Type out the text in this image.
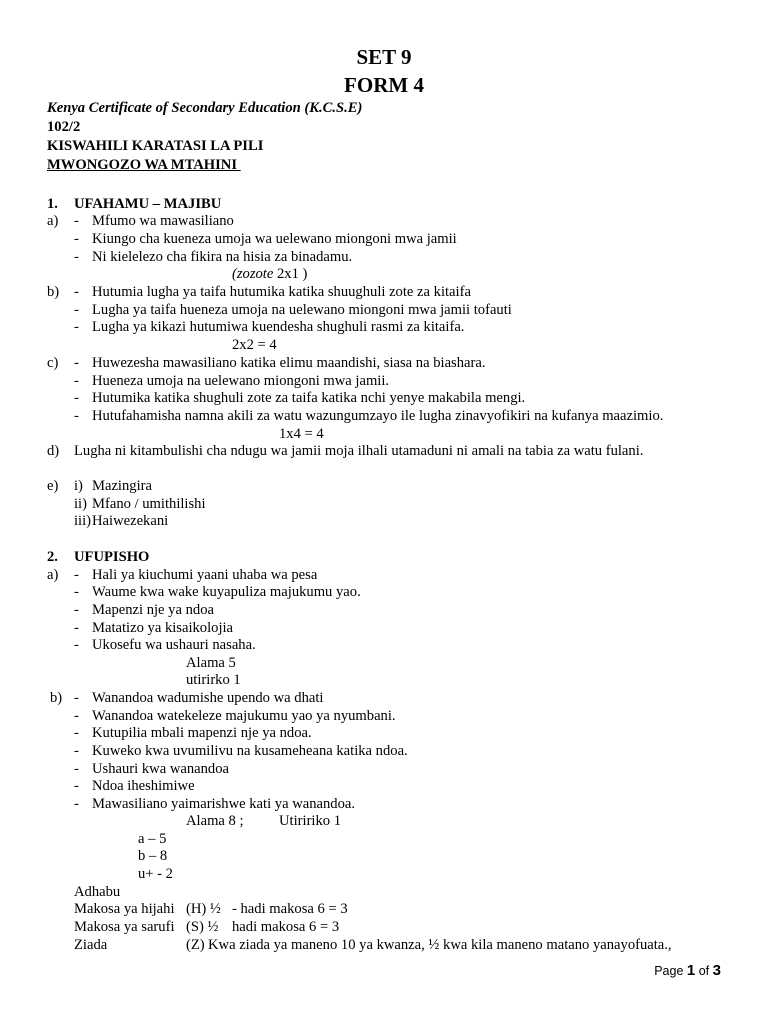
SET 9
FORM 4
Kenya Certificate of Secondary Education (K.C.S.E)
102/2
KISWAHILI KARATASI LA PILI
MWONGOZO WA MTAHINI
1. UFAHAMU – MAJIBU
a) - Mfumo wa mawasiliano
- Kiungo cha kueneza umoja wa uelewano miongoni mwa jamii
- Ni kielelezo cha fikira na hisia za binadamu.
(zozote 2x1 )
b) - Hutumia lugha ya taifa hutumika katika shuughuli zote za kitaifa
- Lugha ya taifa hueneza umoja na uelewano miongoni mwa jamii tofauti
- Lugha ya kikazi hutumiwa kuendesha shughuli rasmi za kitaifa.
2x2 = 4
c) - Huwezesha mawasiliano katika elimu maandishi, siasa na biashara.
- Hueneza umoja na uelewano miongoni mwa jamii.
- Hutumika katika shughuli zote za taifa katika nchi yenye makabila mengi.
- Hutufahamisha namna akili za watu wazungumzayo ile lugha zinavyofikiri na kufanya maazimio.
1x4 = 4
d) Lugha ni kitambulishi cha ndugu wa jamii moja ilhali utamaduni ni amali na tabia za watu fulani.
e) i) Mazingira
ii) Mfano / umithilishi
iii) Haiwezekani
2. UFUPISHO
a) - Hali ya kiuchumi yaani uhaba wa pesa
- Waume kwa wake kuyapuliza majukumu yao.
- Mapenzi nje ya ndoa
- Matatizo ya kisaikolojia
- Ukosefu wa ushauri nasaha.
Alama 5
utirirko 1
b) - Wanandoa wadumishe upendo wa dhati
- Wanandoa watekeleze majukumu yao ya nyumbani.
- Kutupilia mbali mapenzi nje ya ndoa.
- Kuweko kwa uvumilivu na kusameheana katika ndoa.
- Ushauri kwa wanandoa
- Ndoa iheshimiwe
- Mawasiliano yaimarishwe kati ya wanandoa.
Alama 8 ; Utiririko 1
a – 5
b – 8
u+ - 2
Adhabu
Makosa ya hijahi (H) ½ - hadi makosa 6 = 3
Makosa ya sarufi (S) ½ hadi makosa 6 = 3
Ziada	(Z) Kwa ziada ya maneno 10 ya kwanza, ½ kwa kila maneno matano yanayofuata.,
Page 1 of 3
